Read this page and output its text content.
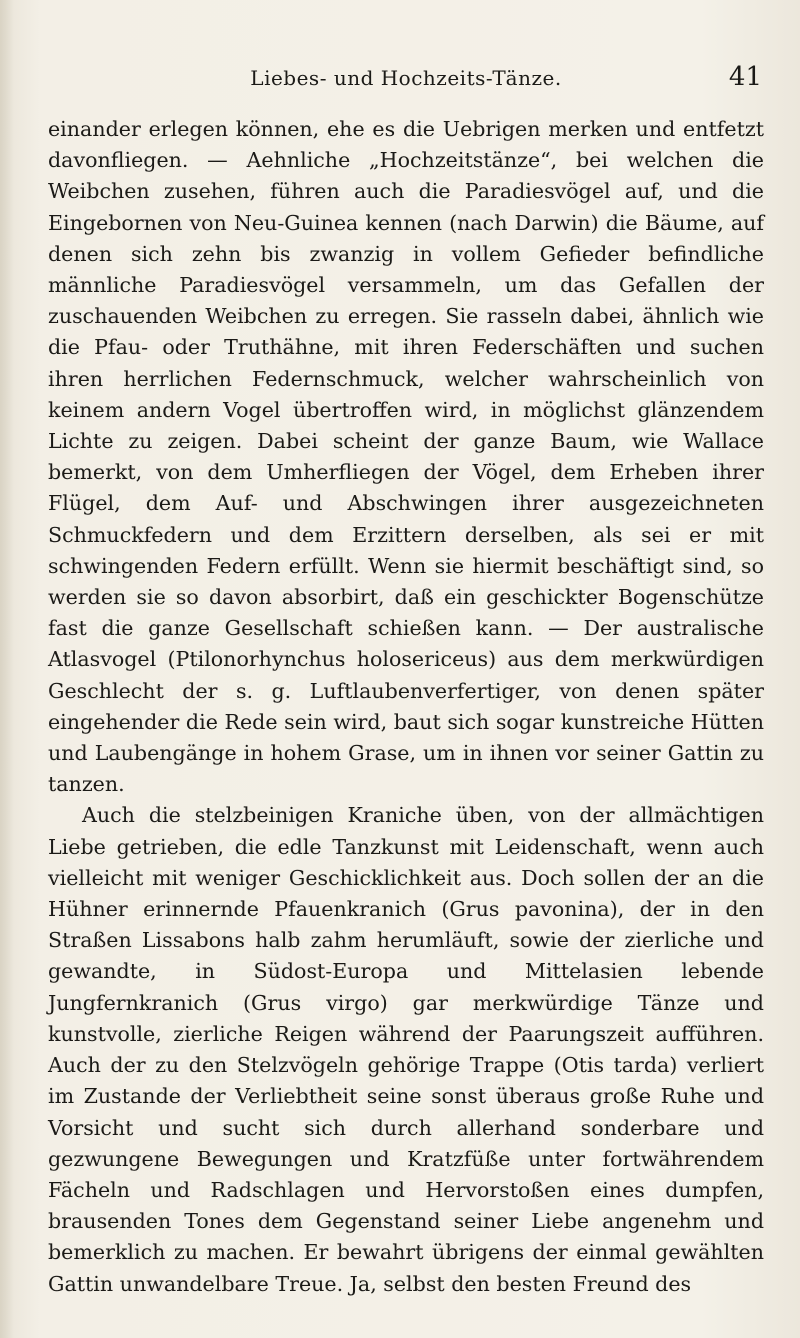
Liebes- und Hochzeits-Tänze.	41

einander erlegen können, ehe es die Uebrigen merken und entfetzt davonfliegen. — Aehnliche „Hochzeitstänze“, bei welchen die Weibchen zusehen, führen auch die Paradiesvögel auf, und die Eingebornen von Neu-Guinea kennen (nach Darwin) die Bäume, auf denen sich zehn bis zwanzig in vollem Gefieder befindliche männliche Paradiesvögel versammeln, um das Gefallen der zuschauenden Weibchen zu erregen. Sie rasseln dabei, ähnlich wie die Pfau- oder Truthähne, mit ihren Federschäften und suchen ihren herrlichen Federnschmuck, welcher wahrscheinlich von keinem andern Vogel übertroffen wird, in möglichst glänzendem Lichte zu zeigen. Dabei scheint der ganze Baum, wie Wallace bemerkt, von dem Umherfliegen der Vögel, dem Erheben ihrer Flügel, dem Auf- und Abschwingen ihrer ausgezeichneten Schmuckfedern und dem Erzittern derselben, als sei er mit schwingenden Federn erfüllt. Wenn sie hiermit beschäftigt sind, so werden sie so davon absorbirt, daß ein geschickter Bogenschütze fast die ganze Gesellschaft schießen kann. — Der australische Atlasvogel (Ptilonorhynchus holosericeus) aus dem merkwürdigen Geschlecht der s. g. Luftlaubenverfertiger, von denen später eingehender die Rede sein wird, baut sich sogar kunstreiche Hütten und Laubengänge in hohem Grase, um in ihnen vor seiner Gattin zu tanzen.

Auch die stelzbeinigen Kraniche üben, von der allmächtigen Liebe getrieben, die edle Tanzkunst mit Leidenschaft, wenn auch vielleicht mit weniger Geschicklichkeit aus. Doch sollen der an die Hühner erinnernde Pfauenkranich (Grus pavonina), der in den Straßen Lissabons halb zahm herumläuft, sowie der zierliche und gewandte, in Südost-Europa und Mittelasien lebende Jungfernkranich (Grus virgo) gar merkwürdige Tänze und kunstvolle, zierliche Reigen während der Paarungszeit aufführen. Auch der zu den Stelzvögeln gehörige Trappe (Otis tarda) verliert im Zustande der Verliebtheit seine sonst überaus große Ruhe und Vorsicht und sucht sich durch allerhand sonderbare und gezwungene Bewegungen und Kratzfüße unter fortwährendem Fächeln und Radschlagen und Hervorstoßen eines dumpfen, brausenden Tones dem Gegenstand seiner Liebe angenehm und bemerklich zu machen. Er bewahrt übrigens der einmal gewählten Gattin unwandelbare Treue. Ja, selbst den besten Freund des
